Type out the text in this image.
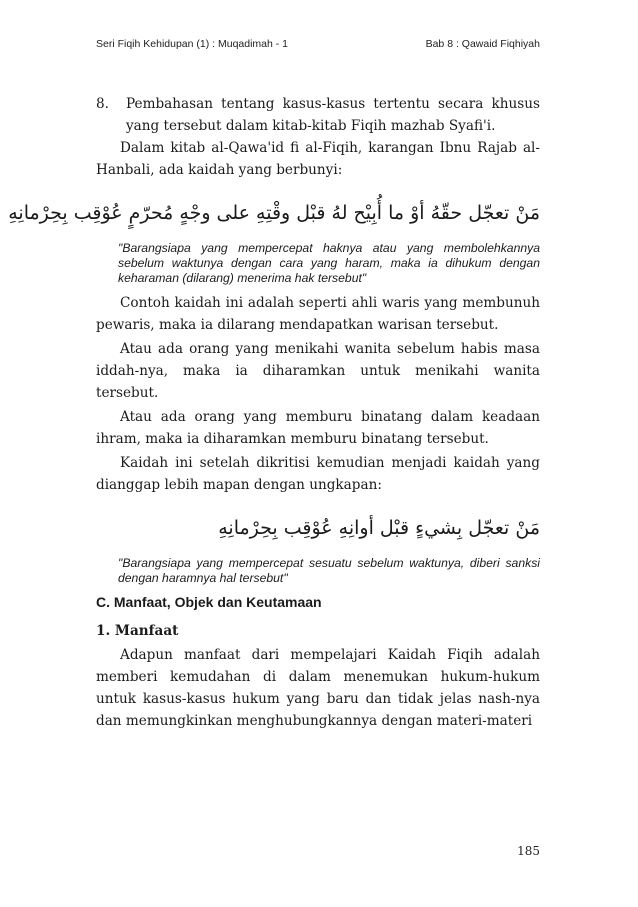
Seri Fiqih Kehidupan (1) : Muqadimah - 1	Bab 8 : Qawaid Fiqhiyah
8.	Pembahasan tentang kasus-kasus tertentu secara khusus yang tersebut dalam kitab-kitab Fiqih mazhab Syafi'i.

Dalam kitab al-Qawa'id fi al-Fiqih, karangan Ibnu Rajab al-Hanbali, ada kaidah yang berbunyi:

مَنْ تعجّل حقّهُ أوْ ما أُبِيْح لهُ قبْل وقْتِهِ على وجْهٍ مُحرّمٍ عُوْقِب بِحِرْمانِهِ

"Barangsiapa yang mempercepat haknya atau yang membolehkannya sebelum waktunya dengan cara yang haram, maka ia dihukum dengan keharaman (dilarang) menerima hak tersebut"

Contoh kaidah ini adalah seperti ahli waris yang membunuh pewaris, maka ia dilarang mendapatkan warisan tersebut.

Atau ada orang yang menikahi wanita sebelum habis masa iddah-nya, maka ia diharamkan untuk menikahi wanita tersebut.

Atau ada orang yang memburu binatang dalam keadaan ihram, maka ia diharamkan memburu binatang tersebut.

Kaidah ini setelah dikritisi kemudian menjadi kaidah yang dianggap lebih mapan dengan ungkapan:

مَنْ تعجّل بِشيءٍ قبْل أوانِهِ عُوْقِب بِحِرْمانِهِ

"Barangsiapa yang mempercepat sesuatu sebelum waktunya, diberi sanksi dengan haramnya hal tersebut"

C. Manfaat, Objek dan Keutamaan
1. Manfaat

Adapun manfaat dari mempelajari Kaidah Fiqih adalah memberi kemudahan di dalam menemukan hukum-hukum untuk kasus-kasus hukum yang baru dan tidak jelas nash-nya dan memungkinkan menghubungkannya dengan materi-materi

185
